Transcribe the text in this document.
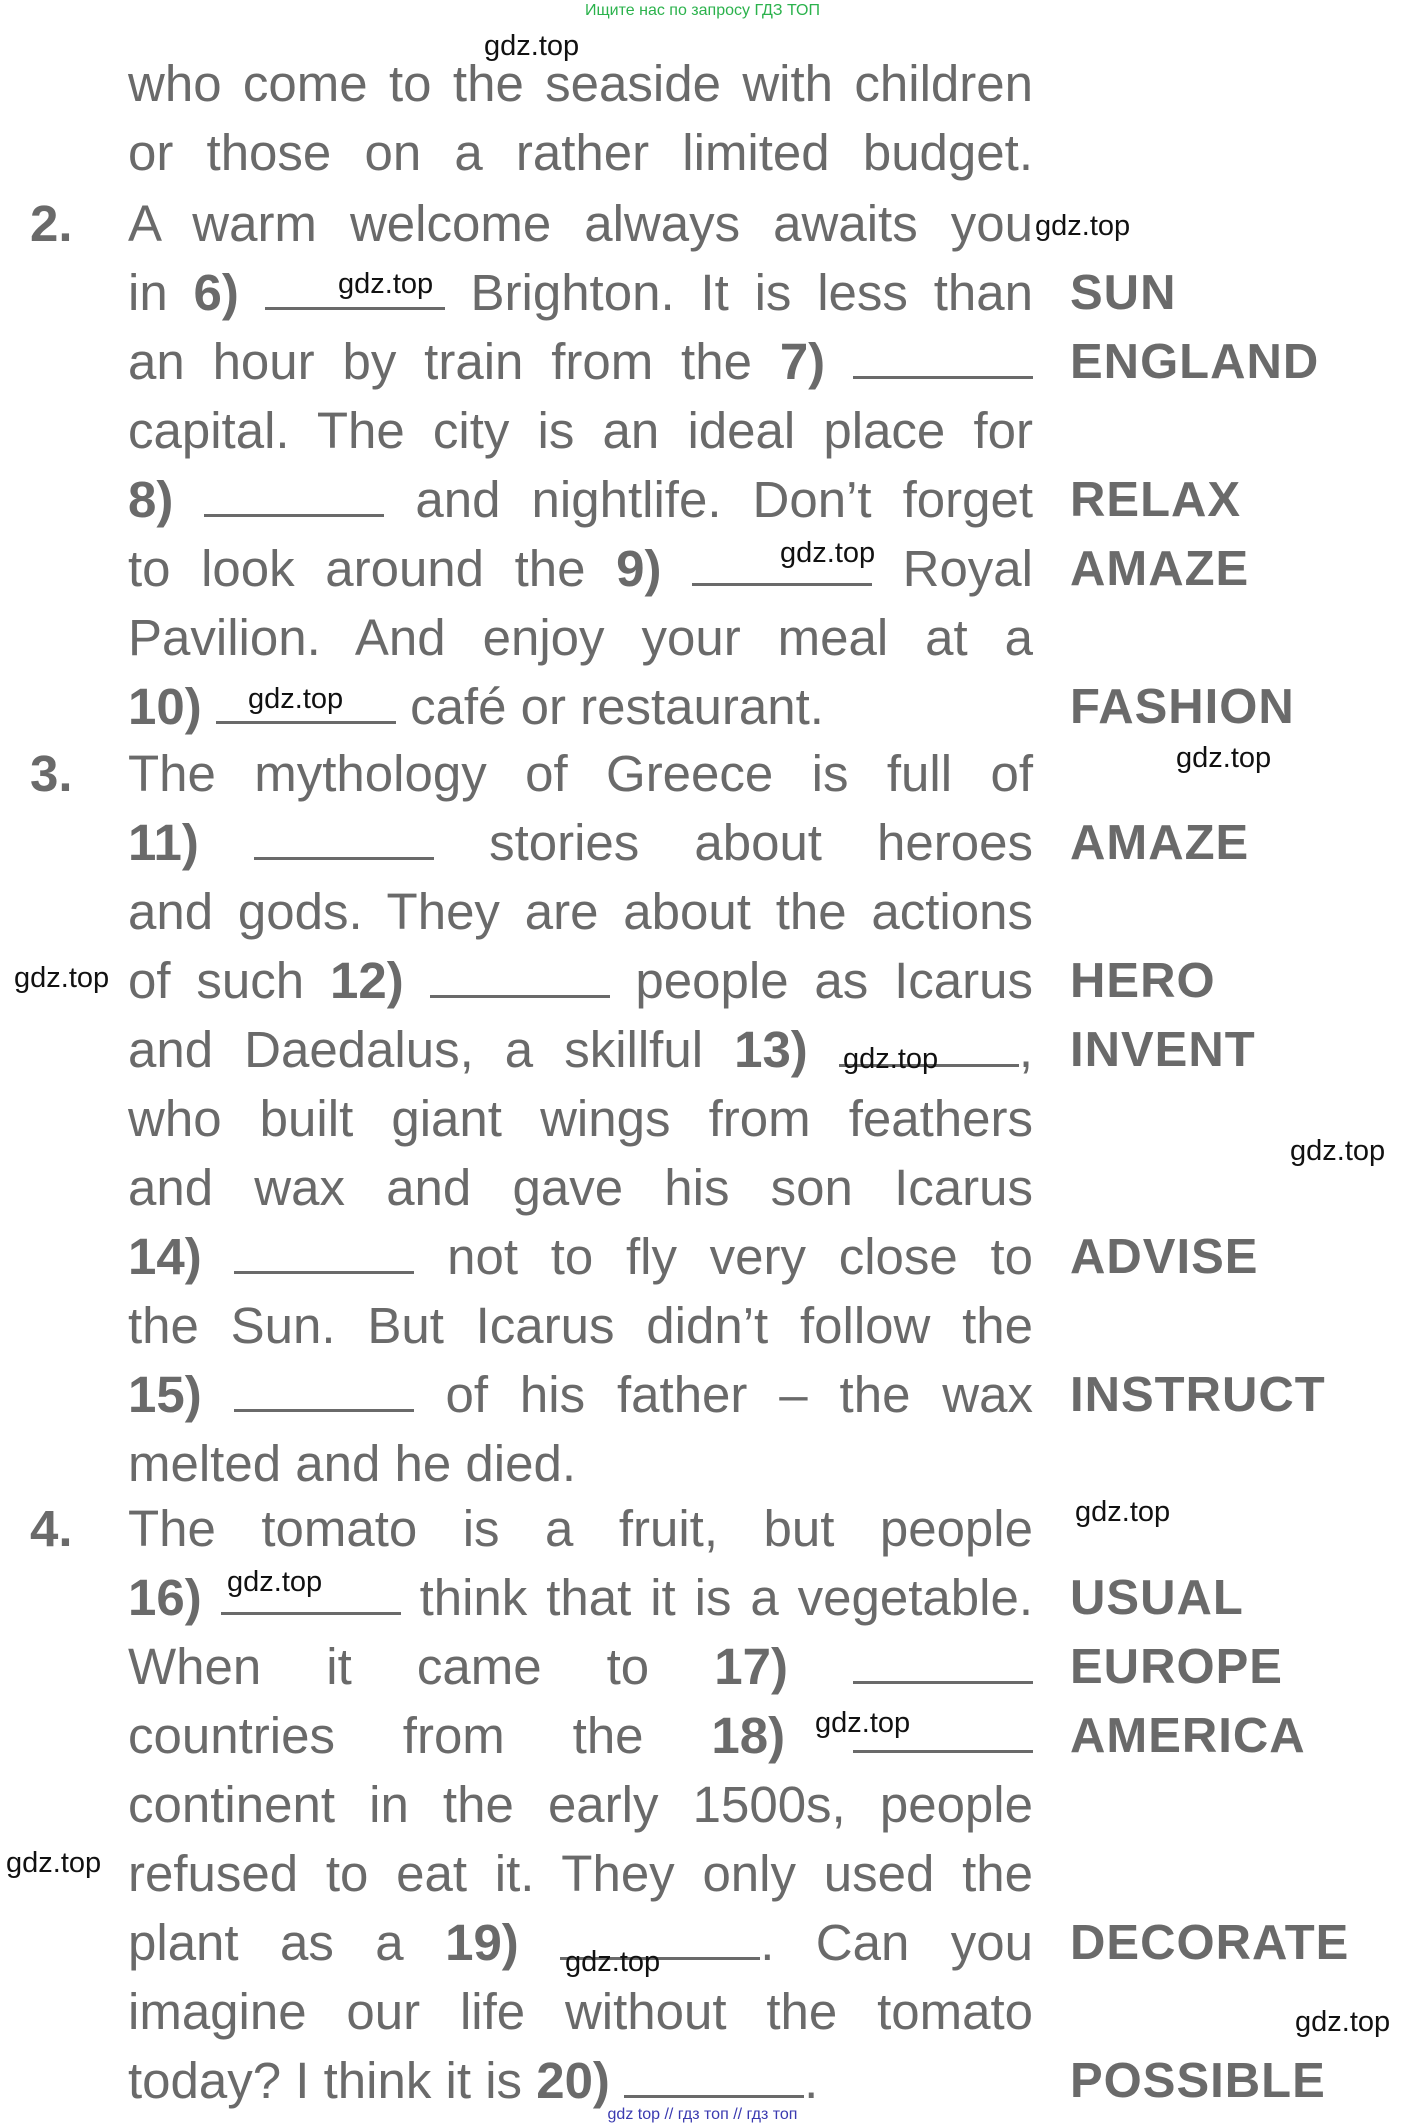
Ищите нас по запросу ГДЗ ТОП
2.
3.
4.
who come to the seaside with children
or those on a rather limited budget.
A warm welcome always awaits you
in 6)	Brighton. It is less than
an hour by train from the 7)
capital. The city is an ideal place for
8)	and nightlife. Don’t forget
to look around the 9)	Royal
Pavilion. And enjoy your meal at a
10)	café or restaurant.
The mythology of Greece is full of
11)	stories about heroes
and gods. They are about the actions
of such 12)	people as Icarus
and Daedalus, a skillful 13)	,
who built giant wings from feathers
and wax and gave his son Icarus
14)	not to fly very close to
the Sun. But Icarus didn’t follow the
15)	of his father – the wax
melted and he died.
The tomato is a fruit, but people
16)	think that it is a vegetable.
When it came to 17)
countries from the 18)
continent in the early 1500s, people
refused to eat it. They only used the
plant as a 19)	. Can you
imagine our life without the tomato
today? I think it is 20)	.
SUN
ENGLAND
RELAX
AMAZE
FASHION
AMAZE
HERO
INVENT
ADVISE
INSTRUCT
USUAL
EUROPE
AMERICA
DECORATE
POSSIBLE
gdz.top
gdz.top
gdz.top
gdz.top
gdz.top
gdz.top
gdz.top
gdz.top
gdz.top
gdz.top
gdz.top
gdz.top
gdz.top
gdz.top
gdz.top
gdz top // гдз топ // гдз топ
